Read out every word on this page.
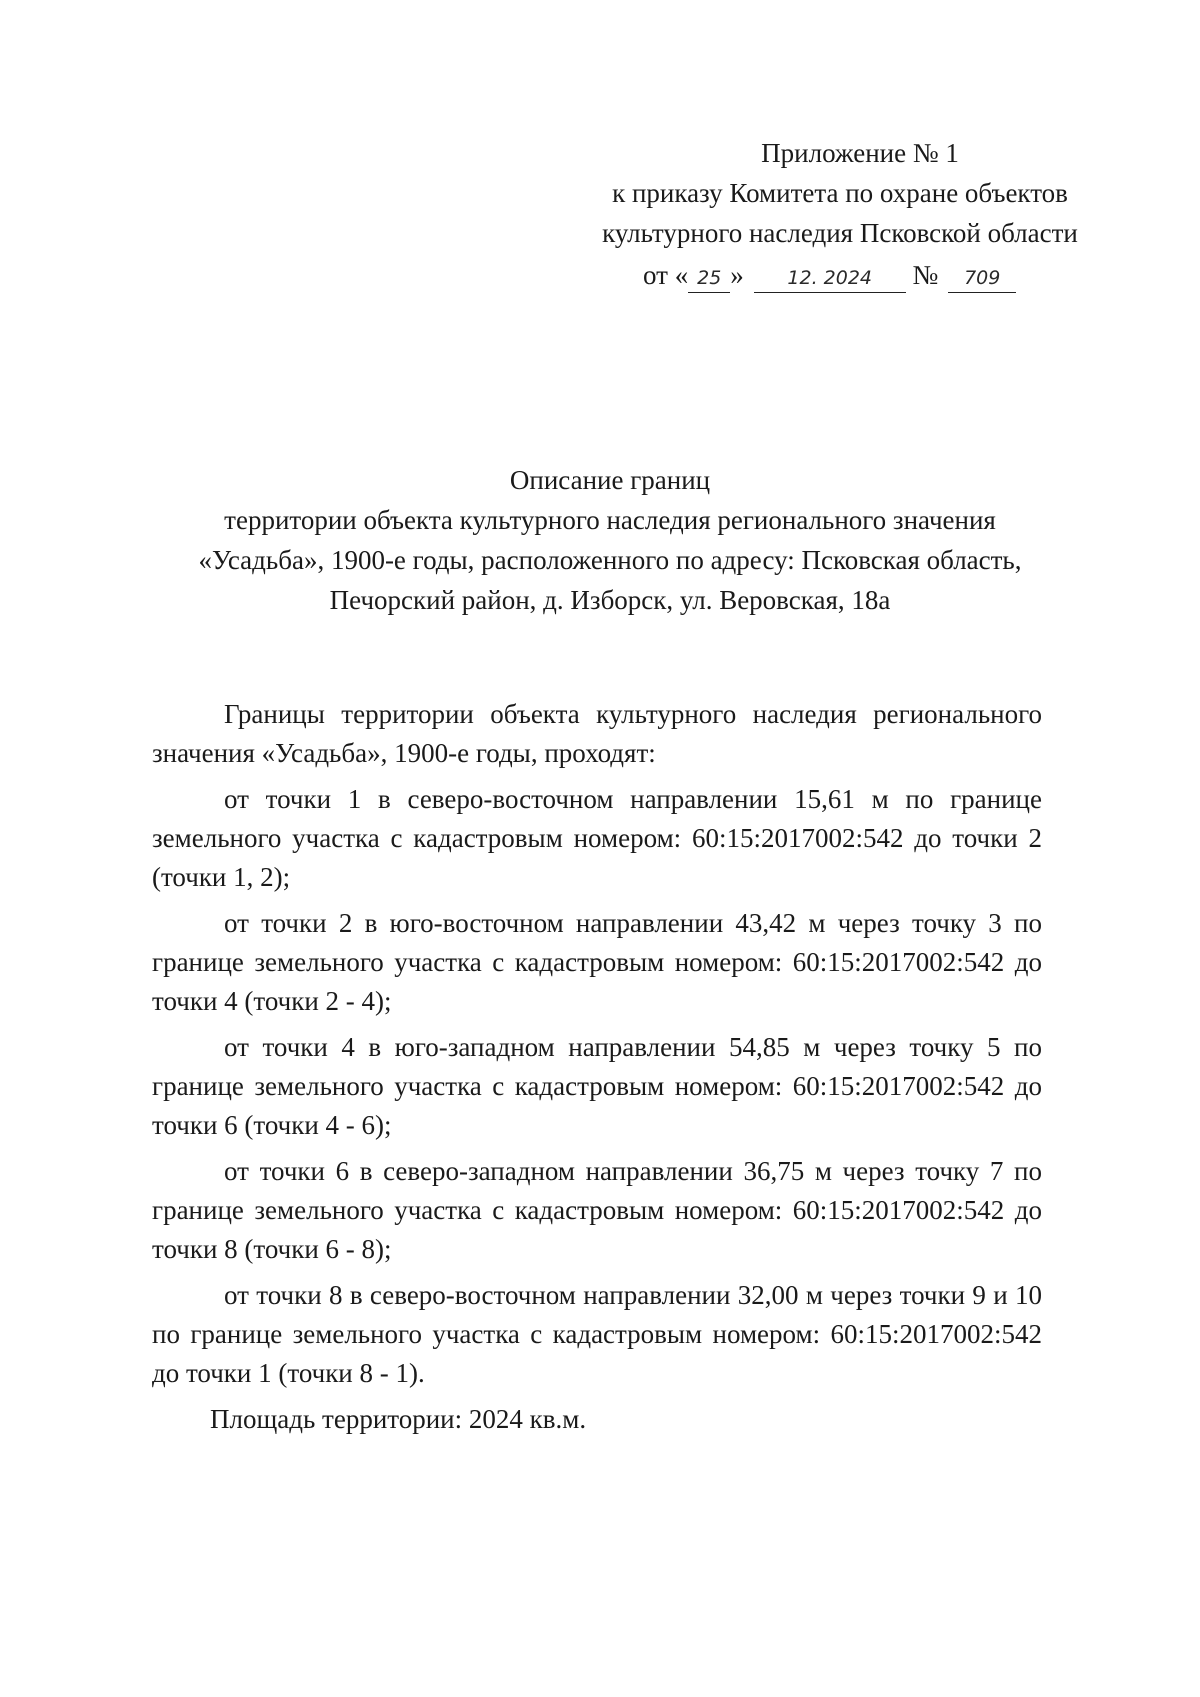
Приложение № 1
к приказу Комитета по охране объектов
культурного наследия Псковской области
от « 25 » 12. 2024 № 709
Описание границ
территории объекта культурного наследия регионального значения
«Усадьба», 1900-е годы, расположенного по адресу: Псковская область,
Печорский район, д. Изборск, ул. Веровская, 18а

Границы территории объекта культурного наследия регионального значения «Усадьба», 1900-е годы, проходят:

от точки 1 в северо-восточном направлении 15,61 м по границе земельного участка с кадастровым номером: 60:15:2017002:542 до точки 2 (точки 1, 2);

от точки 2 в юго-восточном направлении 43,42 м через точку 3 по границе земельного участка с кадастровым номером: 60:15:2017002:542 до точки 4 (точки 2 - 4);

от точки 4 в юго-западном направлении 54,85 м через точку 5 по границе земельного участка с кадастровым номером: 60:15:2017002:542 до точки 6 (точки 4 - 6);

от точки 6 в северо-западном направлении 36,75 м через точку 7 по границе земельного участка с кадастровым номером: 60:15:2017002:542 до точки 8 (точки 6 - 8);

от точки 8 в северо-восточном направлении 32,00 м через точки 9 и 10 по границе земельного участка с кадастровым номером: 60:15:2017002:542 до точки 1 (точки 8 - 1).

Площадь территории: 2024 кв.м.
